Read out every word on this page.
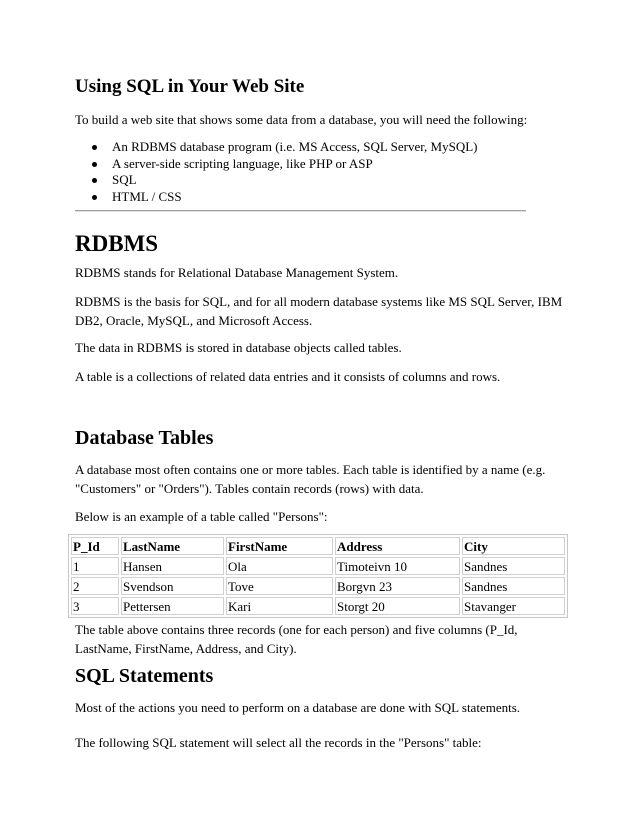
Using SQL in Your Web Site

To build a web site that shows some data from a database, you will need the following:

An RDBMS database program (i.e. MS Access, SQL Server, MySQL)
A server-side scripting language, like PHP or ASP
SQL
HTML / CSS
RDBMS

RDBMS stands for Relational Database Management System.

RDBMS is the basis for SQL, and for all modern database systems like MS SQL Server, IBM DB2, Oracle, MySQL, and Microsoft Access.

The data in RDBMS is stored in database objects called tables.

A table is a collections of related data entries and it consists of columns and rows.

Database Tables

A database most often contains one or more tables. Each table is identified by a name (e.g. "Customers" or "Orders"). Tables contain records (rows) with data.

Below is an example of a table called "Persons":

P_Id	LastName	FirstName	Address	City
1	Hansen	Ola	Timoteivn 10	Sandnes
2	Svendson	Tove	Borgvn 23	Sandnes
3	Pettersen	Kari	Storgt 20	Stavanger

The table above contains three records (one for each person) and five columns (P_Id, LastName, FirstName, Address, and City).

SQL Statements

Most of the actions you need to perform on a database are done with SQL statements.

The following SQL statement will select all the records in the "Persons" table:
